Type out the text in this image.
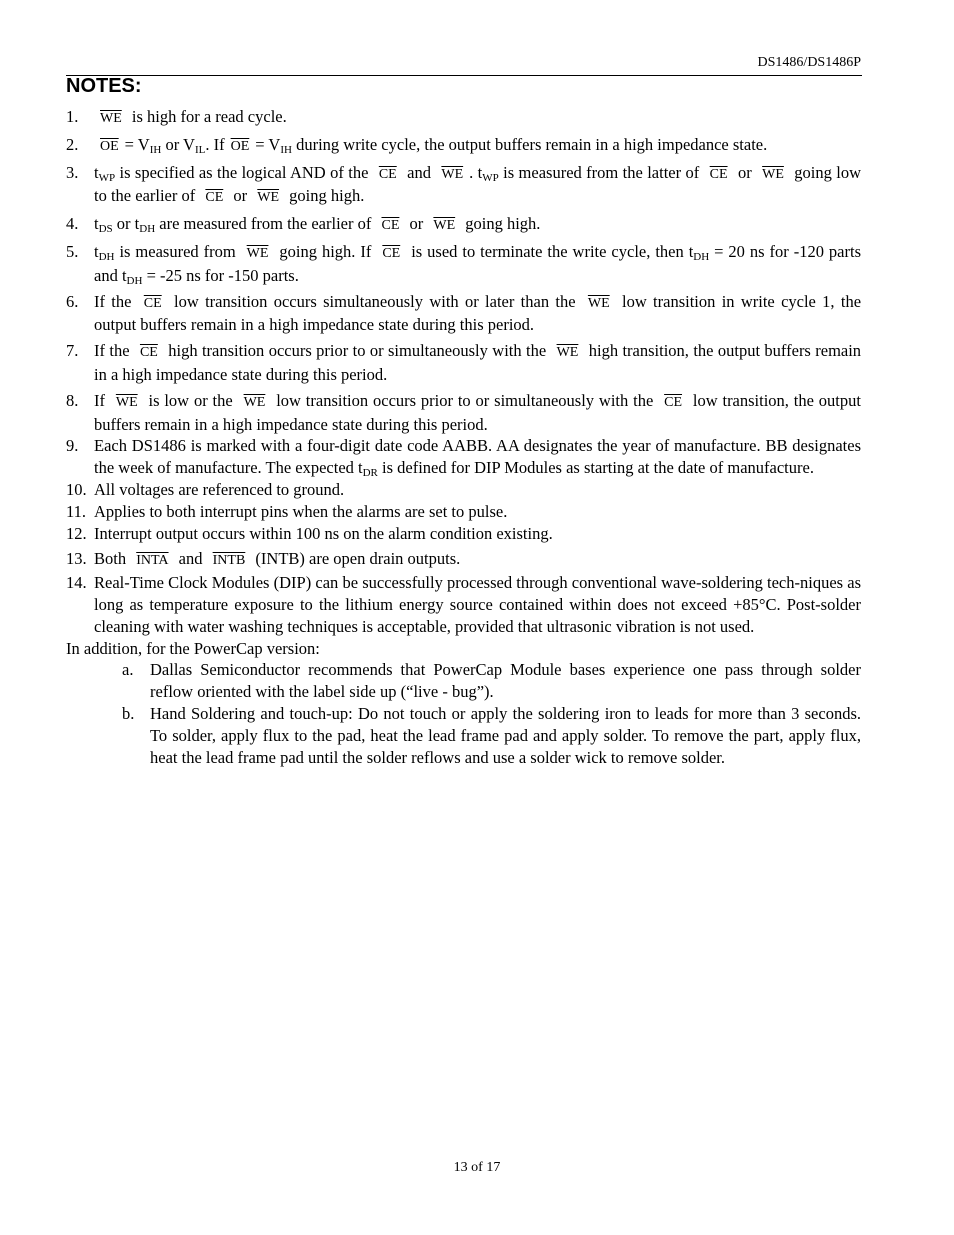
DS1486/DS1486P
NOTES:
1.	$\overline{WE}$ is high for a read cycle.
2.	$\overline{OE} = V_{IH}$ or $V_{IL}$. If $\overline{OE} = V_{IH}$ during write cycle, the output buffers remain in a high impedance state.
3. $t_{WP}$ is specified as the logical AND of the $\overline{CE}$ and $\overline{WE}$ . $t_{WP}$ is measured from the latter of $\overline{CE}$ or $\overline{WE}$ going low to the earlier of $\overline{CE}$ or $\overline{WE}$ going high.
4. $t_{DS}$ or $t_{DH}$ are measured from the earlier of $\overline{CE}$ or $\overline{WE}$ going high.
5. $t_{DH}$ is measured from $\overline{WE}$ going high. If $\overline{CE}$ is used to terminate the write cycle, then $t_{DH} = 20$ ns for -120 parts and $t_{DH} = -25$ ns for -150 parts.
6. If the $\overline{CE}$ low transition occurs simultaneously with or later than the $\overline{WE}$ low transition in write cycle 1, the output buffers remain in a high impedance state during this period.
7. If the $\overline{CE}$ high transition occurs prior to or simultaneously with the $\overline{WE}$ high transition, the output buffers remain in a high impedance state during this period.
8. If $\overline{WE}$ is low or the $\overline{WE}$ low transition occurs prior to or simultaneously with the $\overline{CE}$ low transition, the output buffers remain in a high impedance state during this period.
9. Each DS1486 is marked with a four-digit date code AABB. AA designates the year of manufacture. BB designates the week of manufacture. The expected $t_{DR}$ is defined for DIP Modules as starting at the date of manufacture.
10. All voltages are referenced to ground.
11. Applies to both interrupt pins when the alarms are set to pulse.
12. Interrupt output occurs within 100 ns on the alarm condition existing.
13. Both INTA and INTB (INTB) are open drain outputs.
14. Real-Time Clock Modules (DIP) can be successfully processed through conventional wave-soldering tech-niques as long as temperature exposure to the lithium energy source contained within does not exceed +85°C. Post-solder cleaning with water washing techniques is acceptable, provided that ultrasonic vibration is not used.
In addition, for the PowerCap version:
a.	Dallas Semiconductor recommends that PowerCap Module bases experience one pass through solder reflow oriented with the label side up (“live - bug”).
b. Hand Soldering and touch-up: Do not touch or apply the soldering iron to leads for more than 3 seconds. To solder, apply flux to the pad, heat the lead frame pad and apply solder. To remove the part, apply flux, heat the lead frame pad until the solder reflows and use a solder wick to remove solder.
13 of 17
